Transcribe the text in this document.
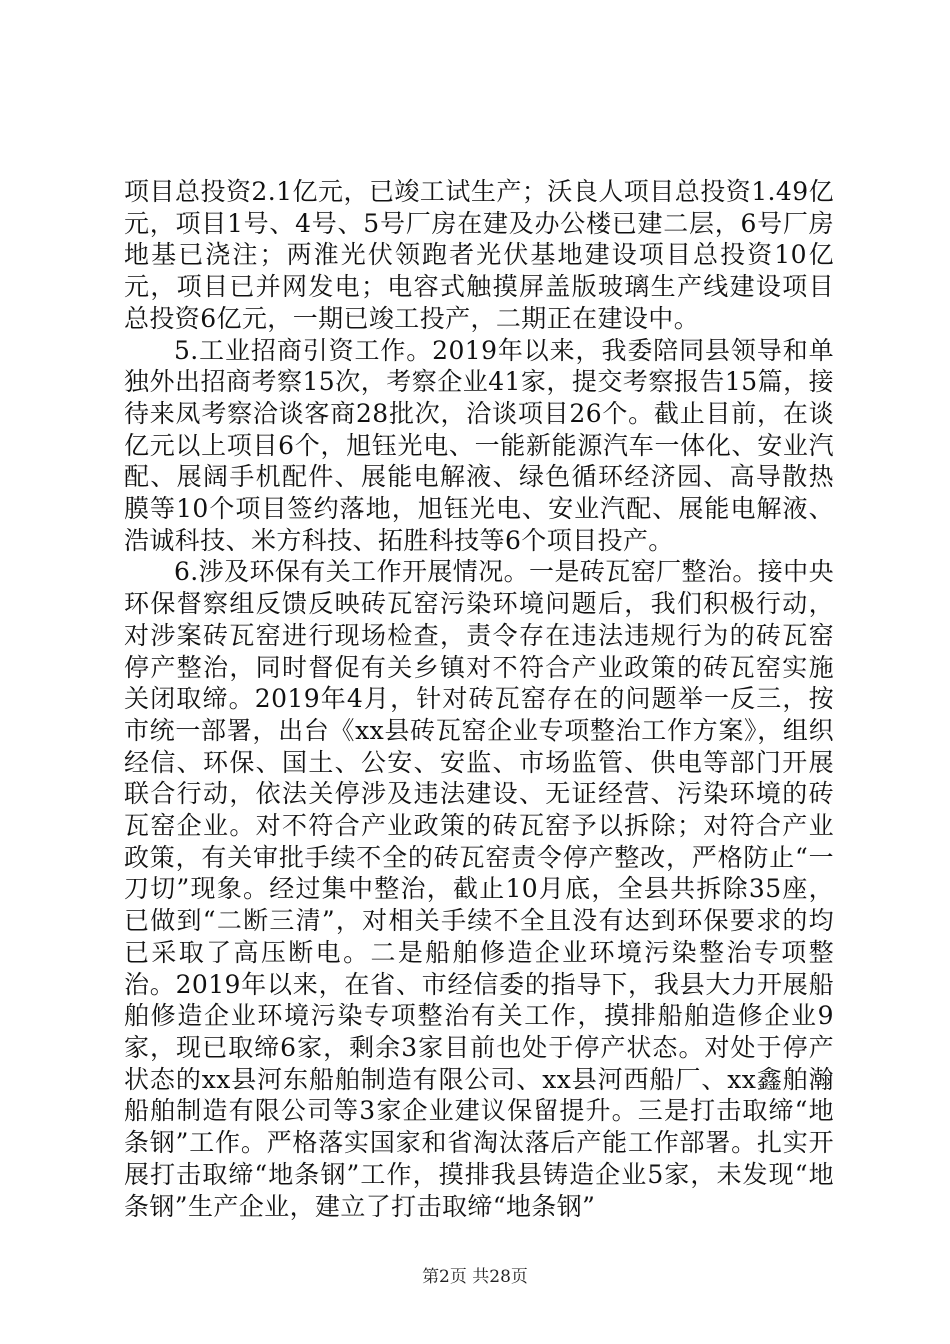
项目总投资2.1亿元，已竣工试生产；沃良人项目总投资1.49亿元，项目1号、4号、5号厂房在建及办公楼已建二层，6号厂房地基已浇注；两淮光伏领跑者光伏基地建设项目总投资10亿元，项目已并网发电；电容式触摸屏盖版玻璃生产线建设项目总投资6亿元，一期已竣工投产，二期正在建设中。

5.工业招商引资工作。2019年以来，我委陪同县领导和单独外出招商考察15次，考察企业41家，提交考察报告15篇，接待来凤考察洽谈客商28批次，洽谈项目26个。截止目前，在谈亿元以上项目6个，旭钰光电、一能新能源汽车一体化、安业汽配、展阔手机配件、展能电解液、绿色循环经济园、高导散热膜等10个项目签约落地，旭钰光电、安业汽配、展能电解液、浩诚科技、米方科技、拓胜科技等6个项目投产。

6.涉及环保有关工作开展情况。一是砖瓦窑厂整治。接中央环保督察组反馈反映砖瓦窑污染环境问题后，我们积极行动，对涉案砖瓦窑进行现场检查，责令存在违法违规行为的砖瓦窑停产整治，同时督促有关乡镇对不符合产业政策的砖瓦窑实施关闭取缔。2019年4月，针对砖瓦窑存在的问题举一反三，按市统一部署，出台《xx县砖瓦窑企业专项整治工作方案》，组织经信、环保、国土、公安、安监、市场监管、供电等部门开展联合行动，依法关停涉及违法建设、无证经营、污染环境的砖瓦窑企业。对不符合产业政策的砖瓦窑予以拆除；对符合产业政策，有关审批手续不全的砖瓦窑责令停产整改，严格防止“一刀切”现象。经过集中整治，截止10月底，全县共拆除35座，已做到“二断三清”，对相关手续不全且没有达到环保要求的均已采取了高压断电。二是船舶修造企业环境污染整治专项整治。2019年以来，在省、市经信委的指导下，我县大力开展船舶修造企业环境污染专项整治有关工作，摸排船舶造修企业9家，现已取缔6家，剩余3家目前也处于停产状态。对处于停产状态的xx县河东船舶制造有限公司、xx县河西船厂、xx鑫舶瀚船舶制造有限公司等3家企业建议保留提升。三是打击取缔“地条钢”工作。严格落实国家和省淘汰落后产能工作部署。扎实开展打击取缔“地条钢”工作，摸排我县铸造企业5家，未发现“地条钢”生产企业，建立了打击取缔“地条钢”

第2页 共28页
